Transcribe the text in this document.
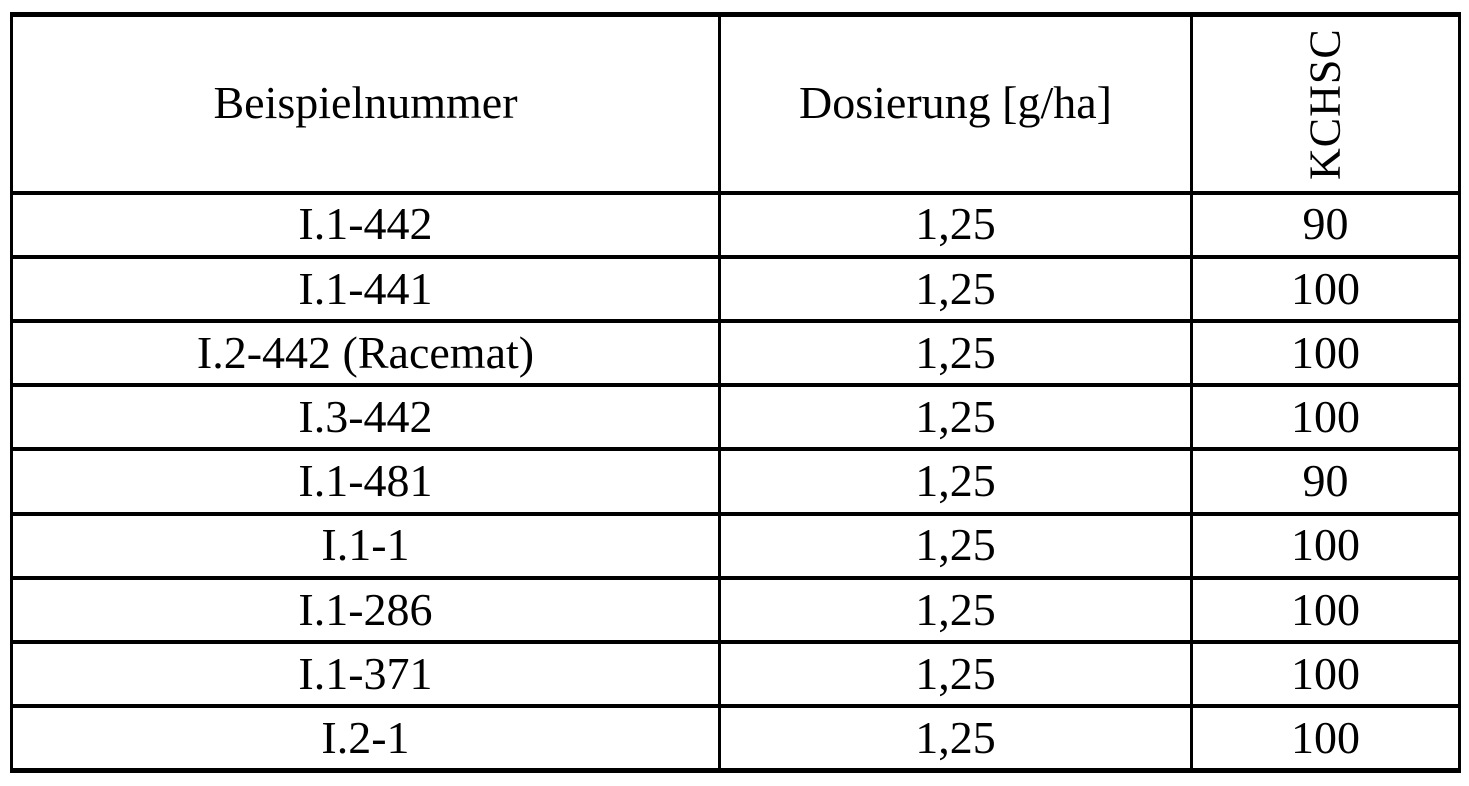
Beispielnummer	Dosierung [g/ha]	KCHSC
I.1-442	1,25	90
I.1-441	1,25	100
I.2-442 (Racemat)	1,25	100
I.3-442	1,25	100
I.1-481	1,25	90
I.1-1	1,25	100
I.1-286	1,25	100
I.1-371	1,25	100
I.2-1	1,25	100
